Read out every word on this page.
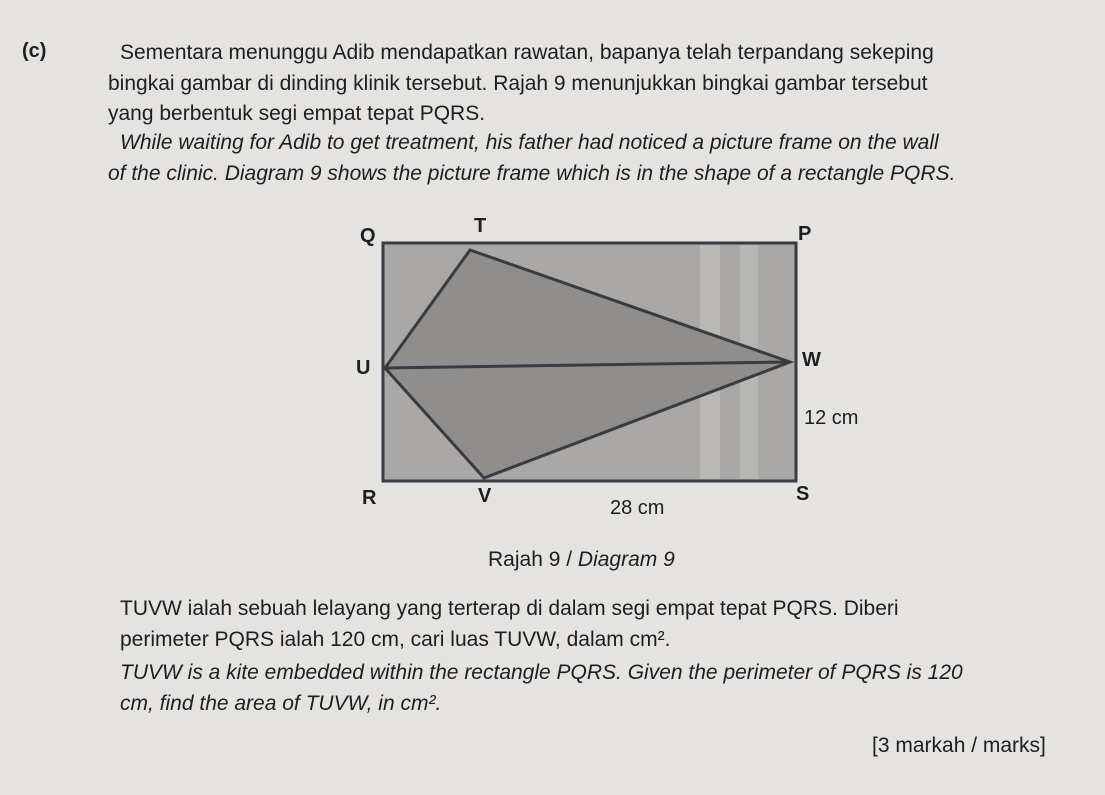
(c)	Sementara menunggu Adib mendapatkan rawatan, bapanya telah terpandang sekeping
bingkai gambar di dinding klinik tersebut. Rajah 9 menunjukkan bingkai gambar tersebut
yang berbentuk segi empat tepat PQRS.
While waiting for Adib to get treatment, his father had noticed a picture frame on the wall
of the clinic. Diagram 9 shows the picture frame which is in the shape of a rectangle PQRS.
Q	T	P
U	W
R	V	S
12 cm
28 cm
Rajah 9 / Diagram 9
TUVW ialah sebuah lelayang yang terterap di dalam segi empat tepat PQRS. Diberi
perimeter PQRS ialah 120 cm, cari luas TUVW, dalam cm².
TUVW is a kite embedded within the rectangle PQRS. Given the perimeter of PQRS is 120
cm, find the area of TUVW, in cm².
[3 markah / marks]
